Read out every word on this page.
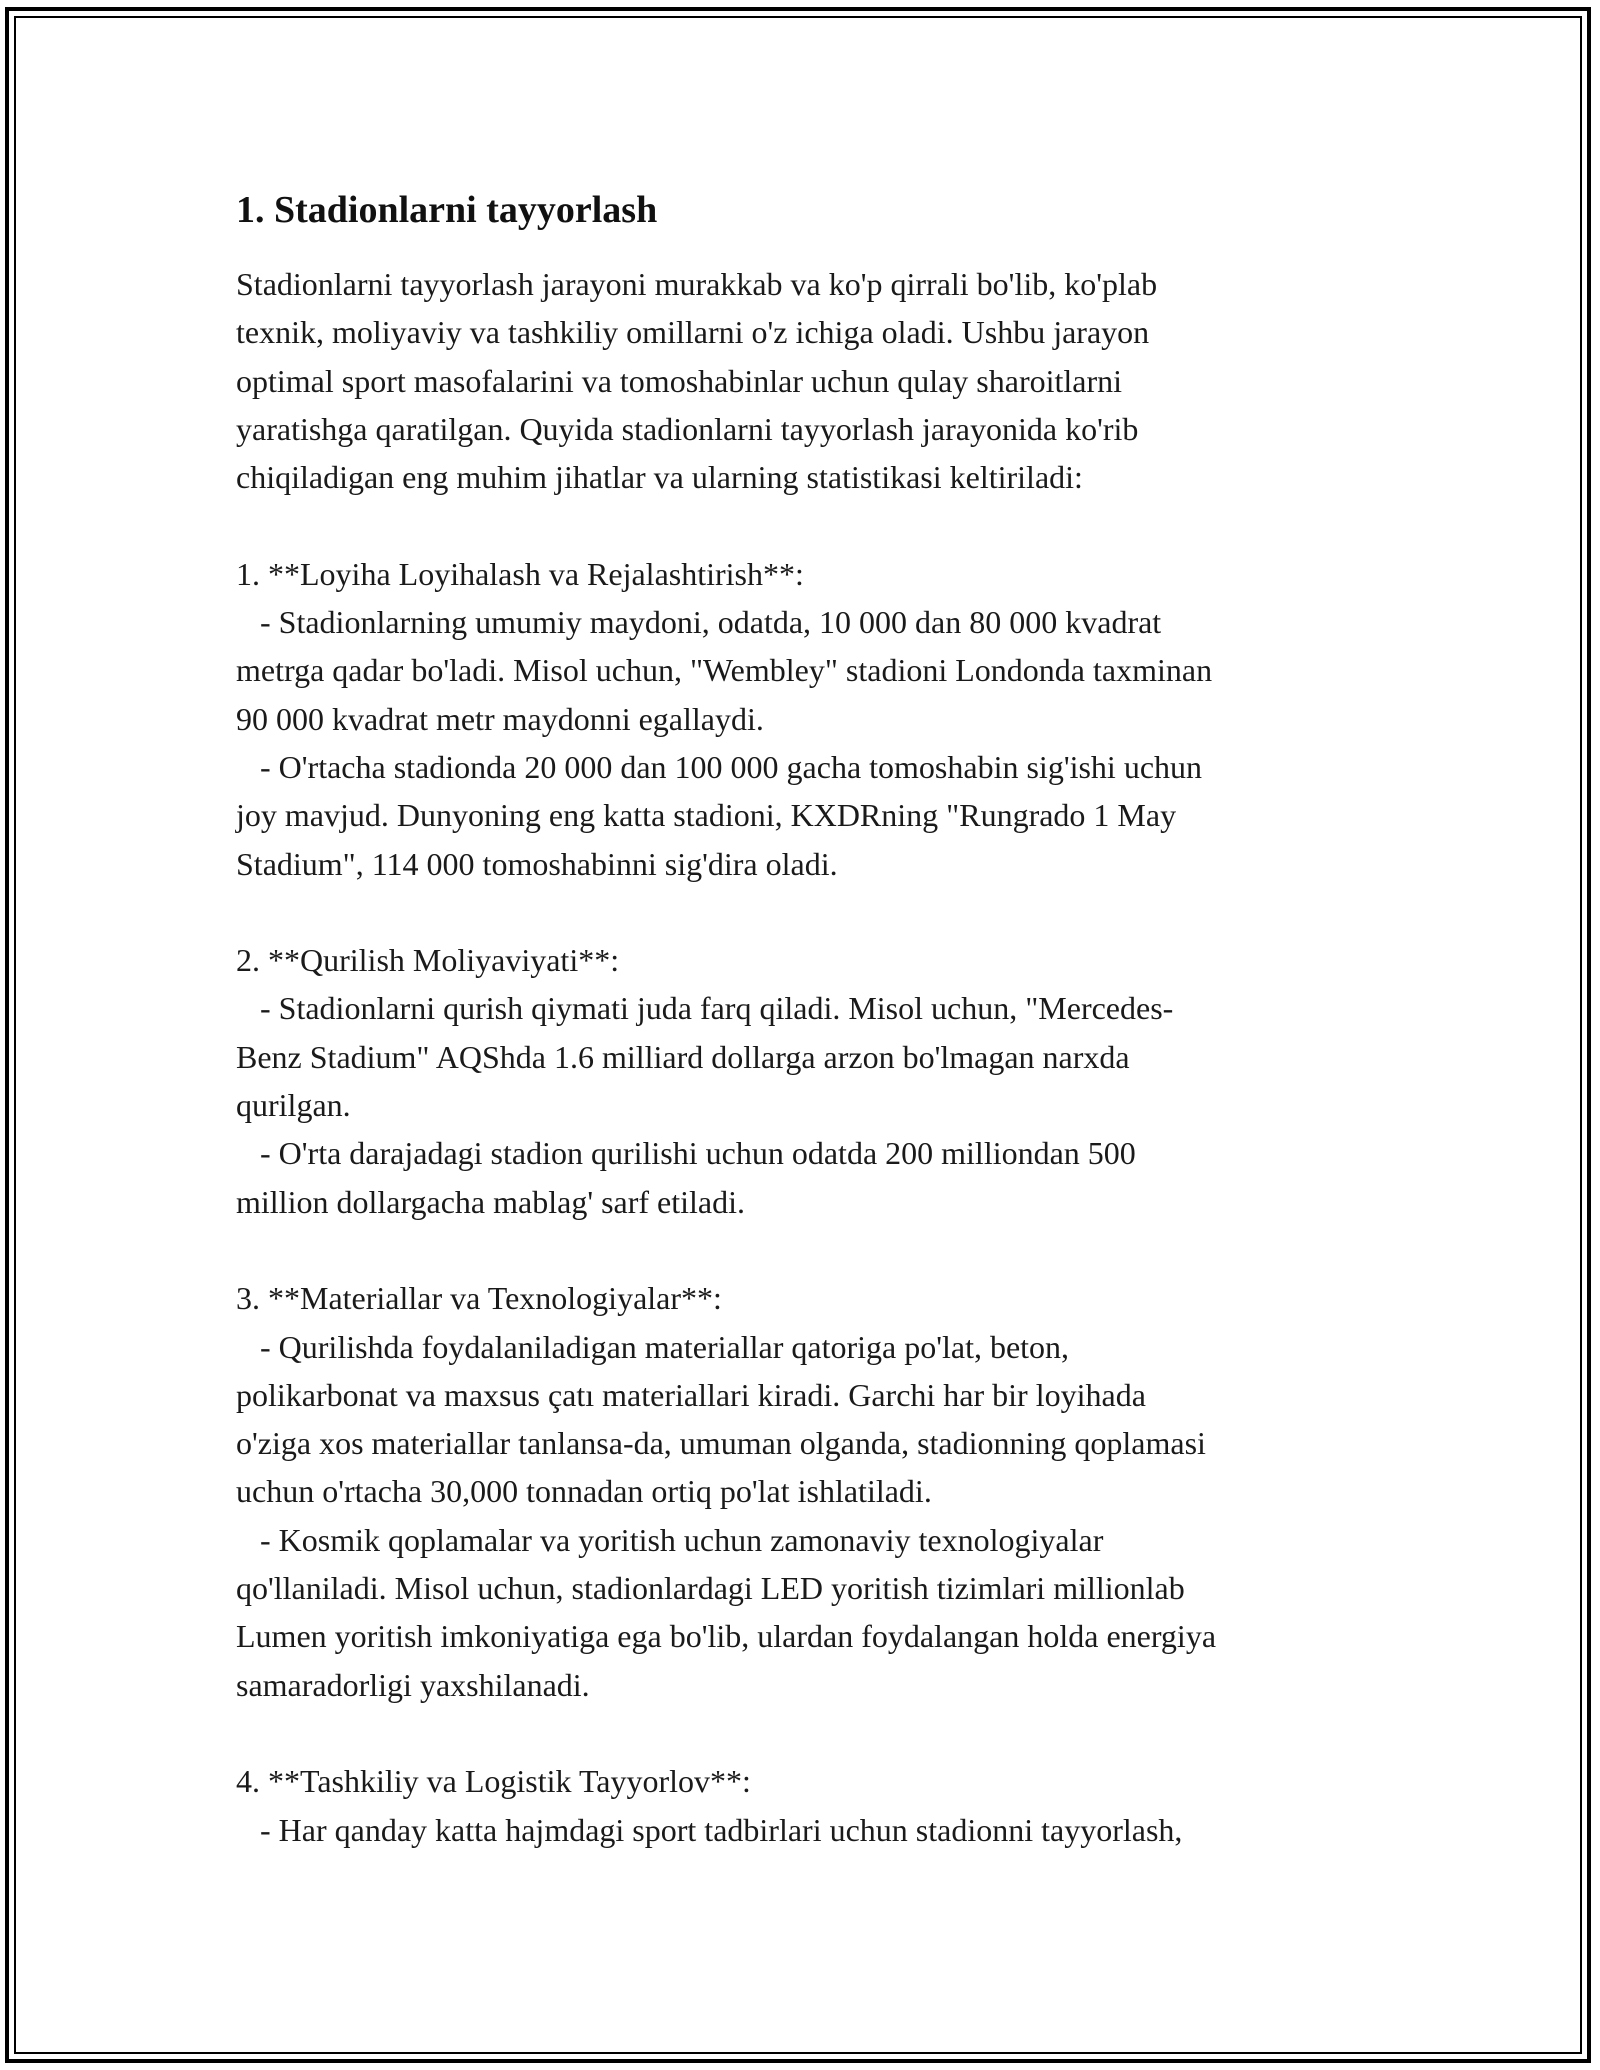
1. Stadionlarni tayyorlash

Stadionlarni tayyorlash jarayoni murakkab va ko'p qirrali bo'lib, ko'plab
texnik, moliyaviy va tashkiliy omillarni o'z ichiga oladi. Ushbu jarayon
optimal sport masofalarini va tomoshabinlar uchun qulay sharoitlarni
yaratishga qaratilgan. Quyida stadionlarni tayyorlash jarayonida ko'rib
chiqiladigan eng muhim jihatlar va ularning statistikasi keltiriladi:

1. **Loyiha Loyihalash va Rejalashtirish**:
- Stadionlarning umumiy maydoni, odatda, 10 000 dan 80 000 kvadrat
metrga qadar bo'ladi. Misol uchun, "Wembley" stadioni Londonda taxminan
90 000 kvadrat metr maydonni egallaydi.
- O'rtacha stadionda 20 000 dan 100 000 gacha tomoshabin sig'ishi uchun
joy mavjud. Dunyoning eng katta stadioni, KXDRning "Rungrado 1 May
Stadium", 114 000 tomoshabinni sig'dira oladi.

2. **Qurilish Moliyaviyati**:
- Stadionlarni qurish qiymati juda farq qiladi. Misol uchun, "Mercedes-
Benz Stadium" AQShda 1.6 milliard dollarga arzon bo'lmagan narxda
qurilgan.
- O'rta darajadagi stadion qurilishi uchun odatda 200 milliondan 500
million dollargacha mablag' sarf etiladi.

3. **Materiallar va Texnologiyalar**:
- Qurilishda foydalaniladigan materiallar qatoriga po'lat, beton,
polikarbonat va maxsus çatı materiallari kiradi. Garchi har bir loyihada
o'ziga xos materiallar tanlansa-da, umuman olganda, stadionning qoplamasi
uchun o'rtacha 30,000 tonnadan ortiq po'lat ishlatiladi.
- Kosmik qoplamalar va yoritish uchun zamonaviy texnologiyalar
qo'llaniladi. Misol uchun, stadionlardagi LED yoritish tizimlari millionlab
Lumen yoritish imkoniyatiga ega bo'lib, ulardan foydalangan holda energiya
samaradorligi yaxshilanadi.

4. **Tashkiliy va Logistik Tayyorlov**:
- Har qanday katta hajmdagi sport tadbirlari uchun stadionni tayyorlash,
